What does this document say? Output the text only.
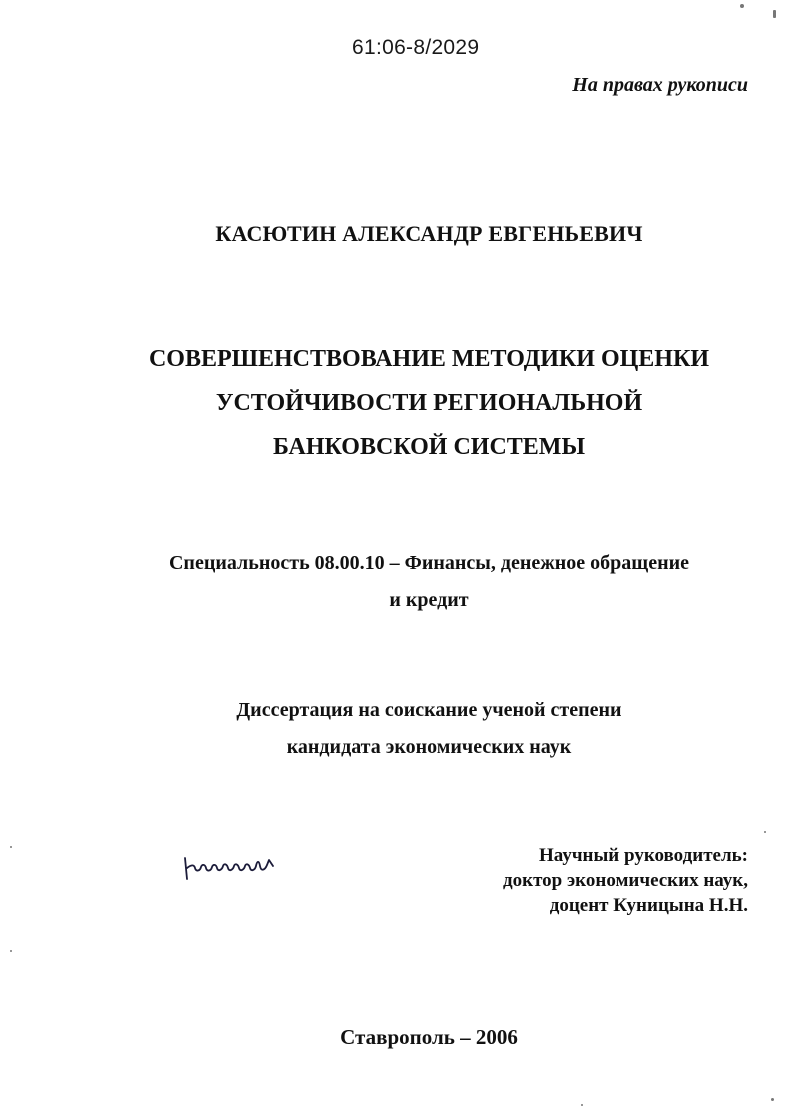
61:06-8/2029
На правах рукописи
КАСЮТИН АЛЕКСАНДР ЕВГЕНЬЕВИЧ
СОВЕРШЕНСТВОВАНИЕ МЕТОДИКИ ОЦЕНКИ
УСТОЙЧИВОСТИ РЕГИОНАЛЬНОЙ
БАНКОВСКОЙ СИСТЕМЫ
Специальность 08.00.10 – Финансы, денежное обращение
и кредит
Диссертация на соискание ученой степени
кандидата экономических наук
Научный руководитель:
доктор экономических наук,
доцент Куницына Н.Н.
Ставрополь – 2006
